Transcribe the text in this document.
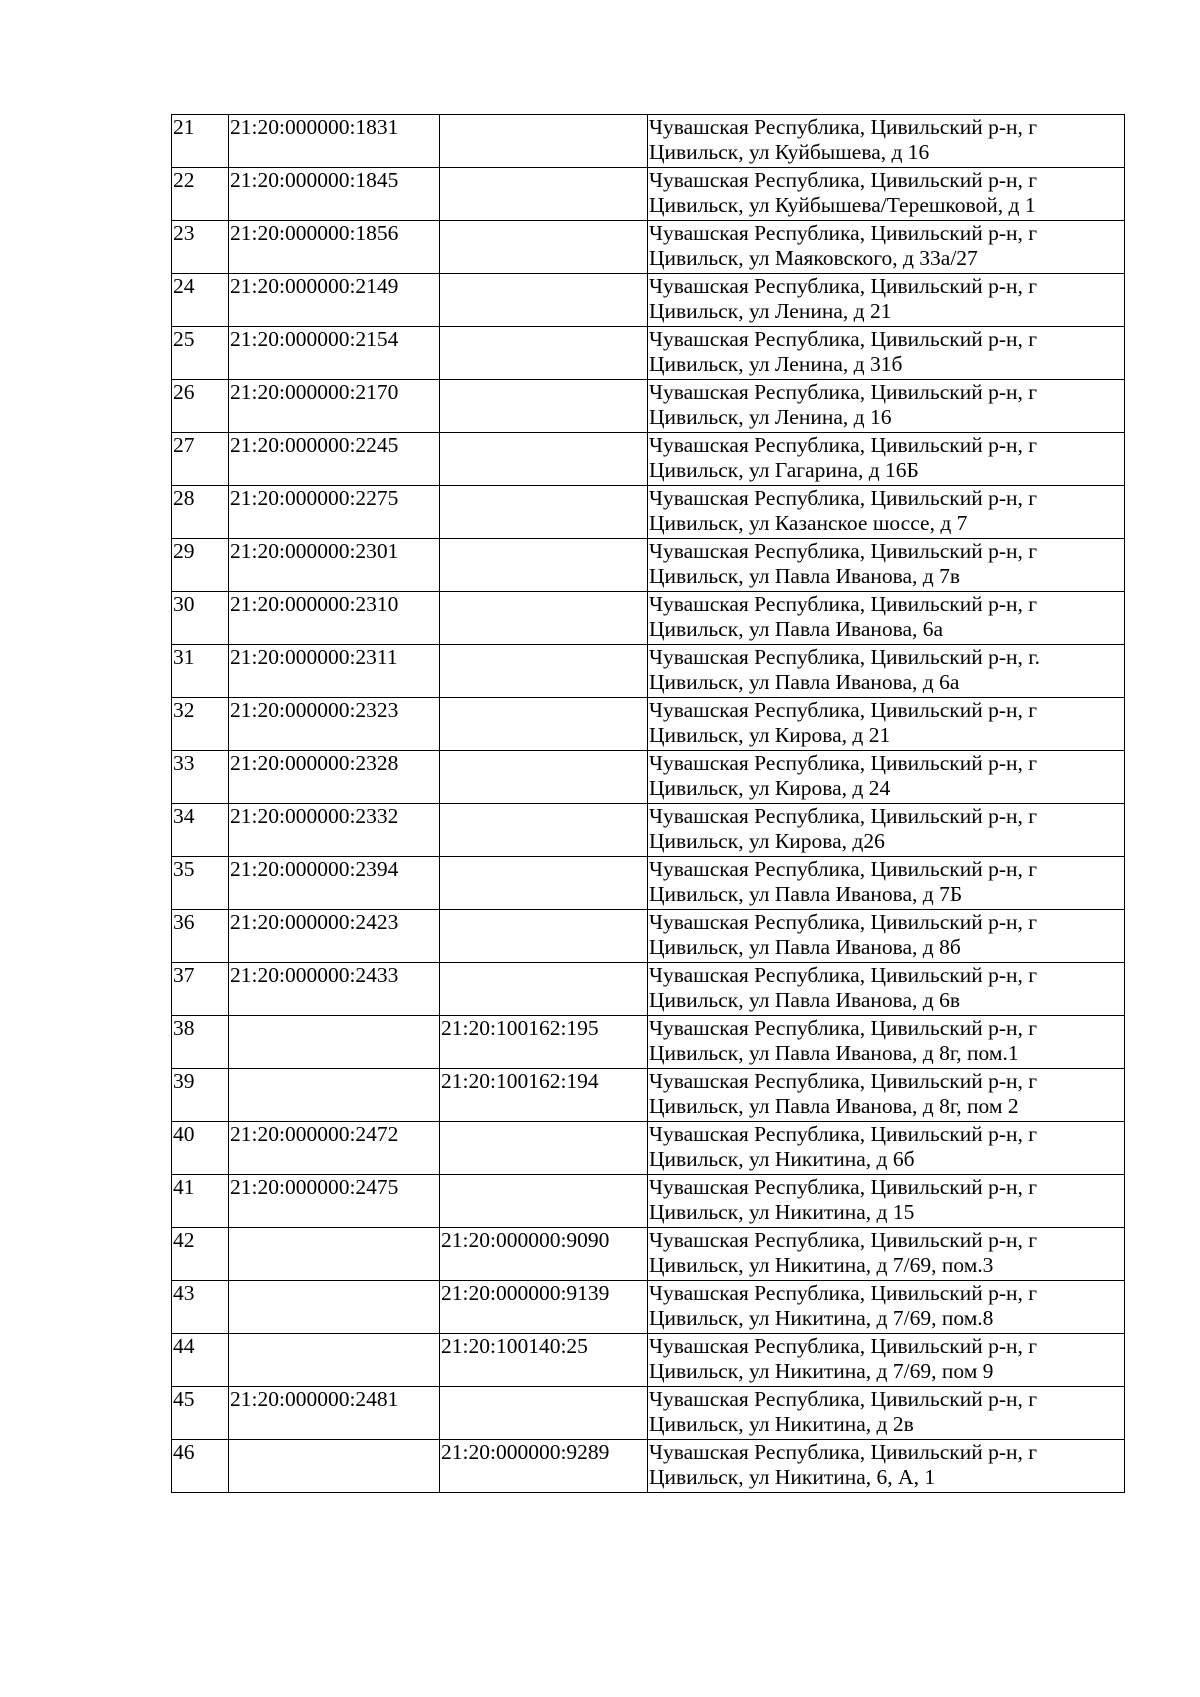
21	21:20:000000:1831		Чувашская Республика, Цивильский р-н, г Цивильск, ул Куйбышева, д 16
22	21:20:000000:1845		Чувашская Республика, Цивильский р-н, г Цивильск, ул Куйбышева/Терешковой, д 1
23	21:20:000000:1856		Чувашская Республика, Цивильский р-н, г Цивильск, ул Маяковского, д 33а/27
24	21:20:000000:2149		Чувашская Республика, Цивильский р-н, г Цивильск, ул Ленина, д 21
25	21:20:000000:2154		Чувашская Республика, Цивильский р-н, г Цивильск, ул Ленина, д 31б
26	21:20:000000:2170		Чувашская Республика, Цивильский р-н, г Цивильск, ул Ленина, д 16
27	21:20:000000:2245		Чувашская Республика, Цивильский р-н, г Цивильск, ул Гагарина, д 16Б
28	21:20:000000:2275		Чувашская Республика, Цивильский р-н, г Цивильск, ул Казанское шоссе, д 7
29	21:20:000000:2301		Чувашская Республика, Цивильский р-н, г Цивильск, ул Павла Иванова, д 7в
30	21:20:000000:2310		Чувашская Республика, Цивильский р-н, г Цивильск, ул Павла Иванова, 6а
31	21:20:000000:2311		Чувашская Республика, Цивильский р-н, г. Цивильск, ул Павла Иванова, д 6а
32	21:20:000000:2323		Чувашская Республика, Цивильский р-н, г Цивильск, ул Кирова, д 21
33	21:20:000000:2328		Чувашская Республика, Цивильский р-н, г Цивильск, ул Кирова, д 24
34	21:20:000000:2332		Чувашская Республика, Цивильский р-н, г Цивильск, ул Кирова, д26
35	21:20:000000:2394		Чувашская Республика, Цивильский р-н, г Цивильск, ул Павла Иванова, д 7Б
36	21:20:000000:2423		Чувашская Республика, Цивильский р-н, г Цивильск, ул Павла Иванова, д 8б
37	21:20:000000:2433		Чувашская Республика, Цивильский р-н, г Цивильск, ул Павла Иванова, д 6в
38		21:20:100162:195	Чувашская Республика, Цивильский р-н, г Цивильск, ул Павла Иванова, д 8г, пом.1
39		21:20:100162:194	Чувашская Республика, Цивильский р-н, г Цивильск, ул Павла Иванова, д 8г, пом 2
40	21:20:000000:2472		Чувашская Республика, Цивильский р-н, г Цивильск, ул Никитина, д 6б
41	21:20:000000:2475		Чувашская Республика, Цивильский р-н, г Цивильск, ул Никитина, д 15
42		21:20:000000:9090	Чувашская Республика, Цивильский р-н, г Цивильск, ул Никитина, д 7/69, пом.3
43		21:20:000000:9139	Чувашская Республика, Цивильский р-н, г Цивильск, ул Никитина, д 7/69, пом.8
44		21:20:100140:25	Чувашская Республика, Цивильский р-н, г Цивильск, ул Никитина, д 7/69, пом 9
45	21:20:000000:2481		Чувашская Республика, Цивильский р-н, г Цивильск, ул Никитина, д 2в
46		21:20:000000:9289	Чувашская Республика, Цивильский р-н, г Цивильск, ул Никитина, 6, А, 1
